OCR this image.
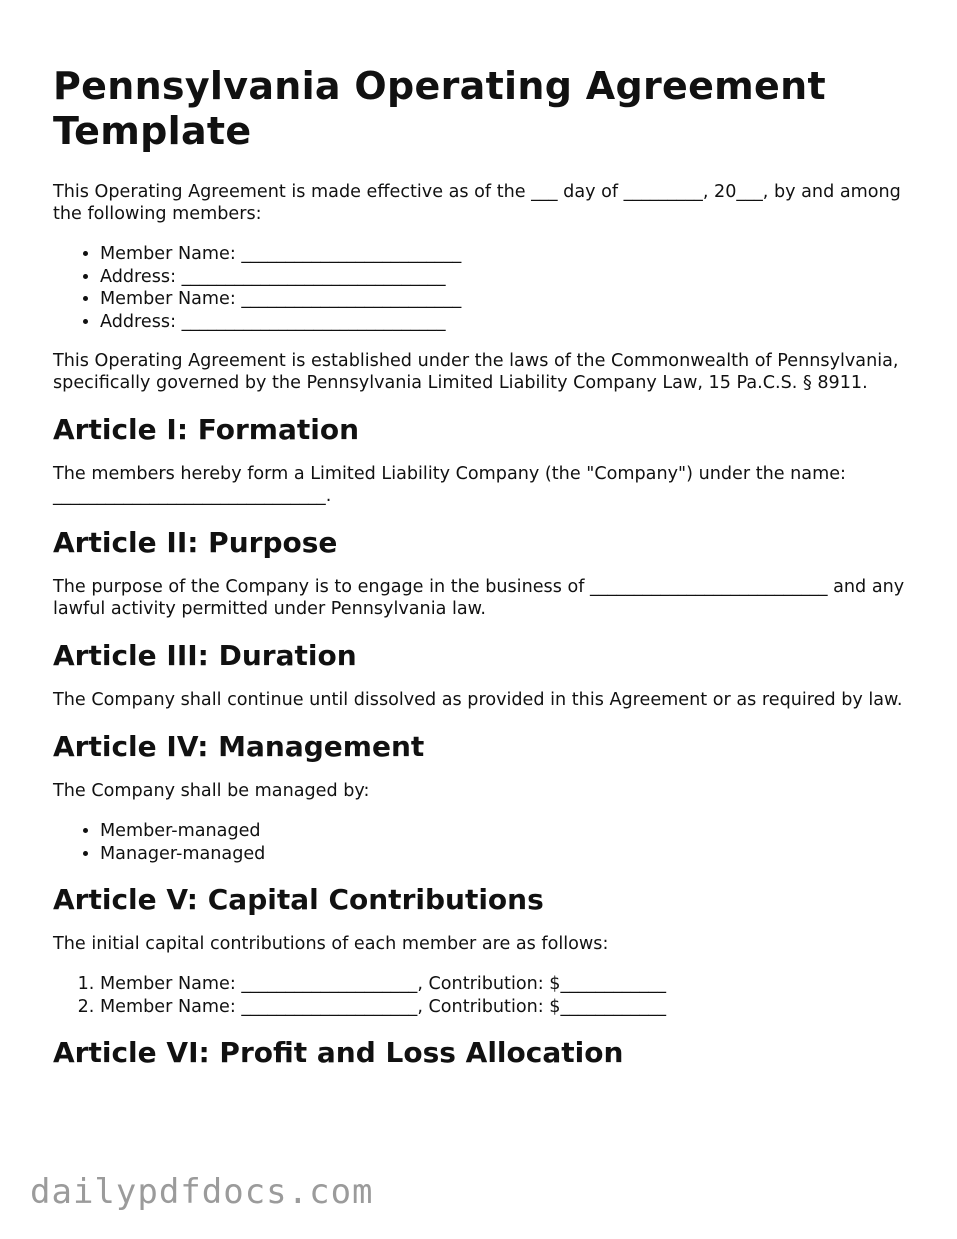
Pennsylvania Operating Agreement Template

This Operating Agreement is made effective as of the ___ day of _________, 20___, by and among the following members:

• Member Name: _________________________
• Address: ______________________________
• Member Name: _________________________
• Address: ______________________________

This Operating Agreement is established under the laws of the Commonwealth of Pennsylvania, specifically governed by the Pennsylvania Limited Liability Company Law, 15 Pa.C.S. § 8911.

Article I: Formation

The members hereby form a Limited Liability Company (the "Company") under the name: _______________________________.

Article II: Purpose

The purpose of the Company is to engage in the business of ___________________________ and any lawful activity permitted under Pennsylvania law.

Article III: Duration

The Company shall continue until dissolved as provided in this Agreement or as required by law.

Article IV: Management

The Company shall be managed by:

• Member-managed
• Manager-managed
Article V: Capital Contributions

The initial capital contributions of each member are as follows:

1. Member Name: ____________________, Contribution: $____________
2. Member Name: ____________________, Contribution: $____________
Article VI: Profit and Loss Allocation
dailypdfdocs.com
